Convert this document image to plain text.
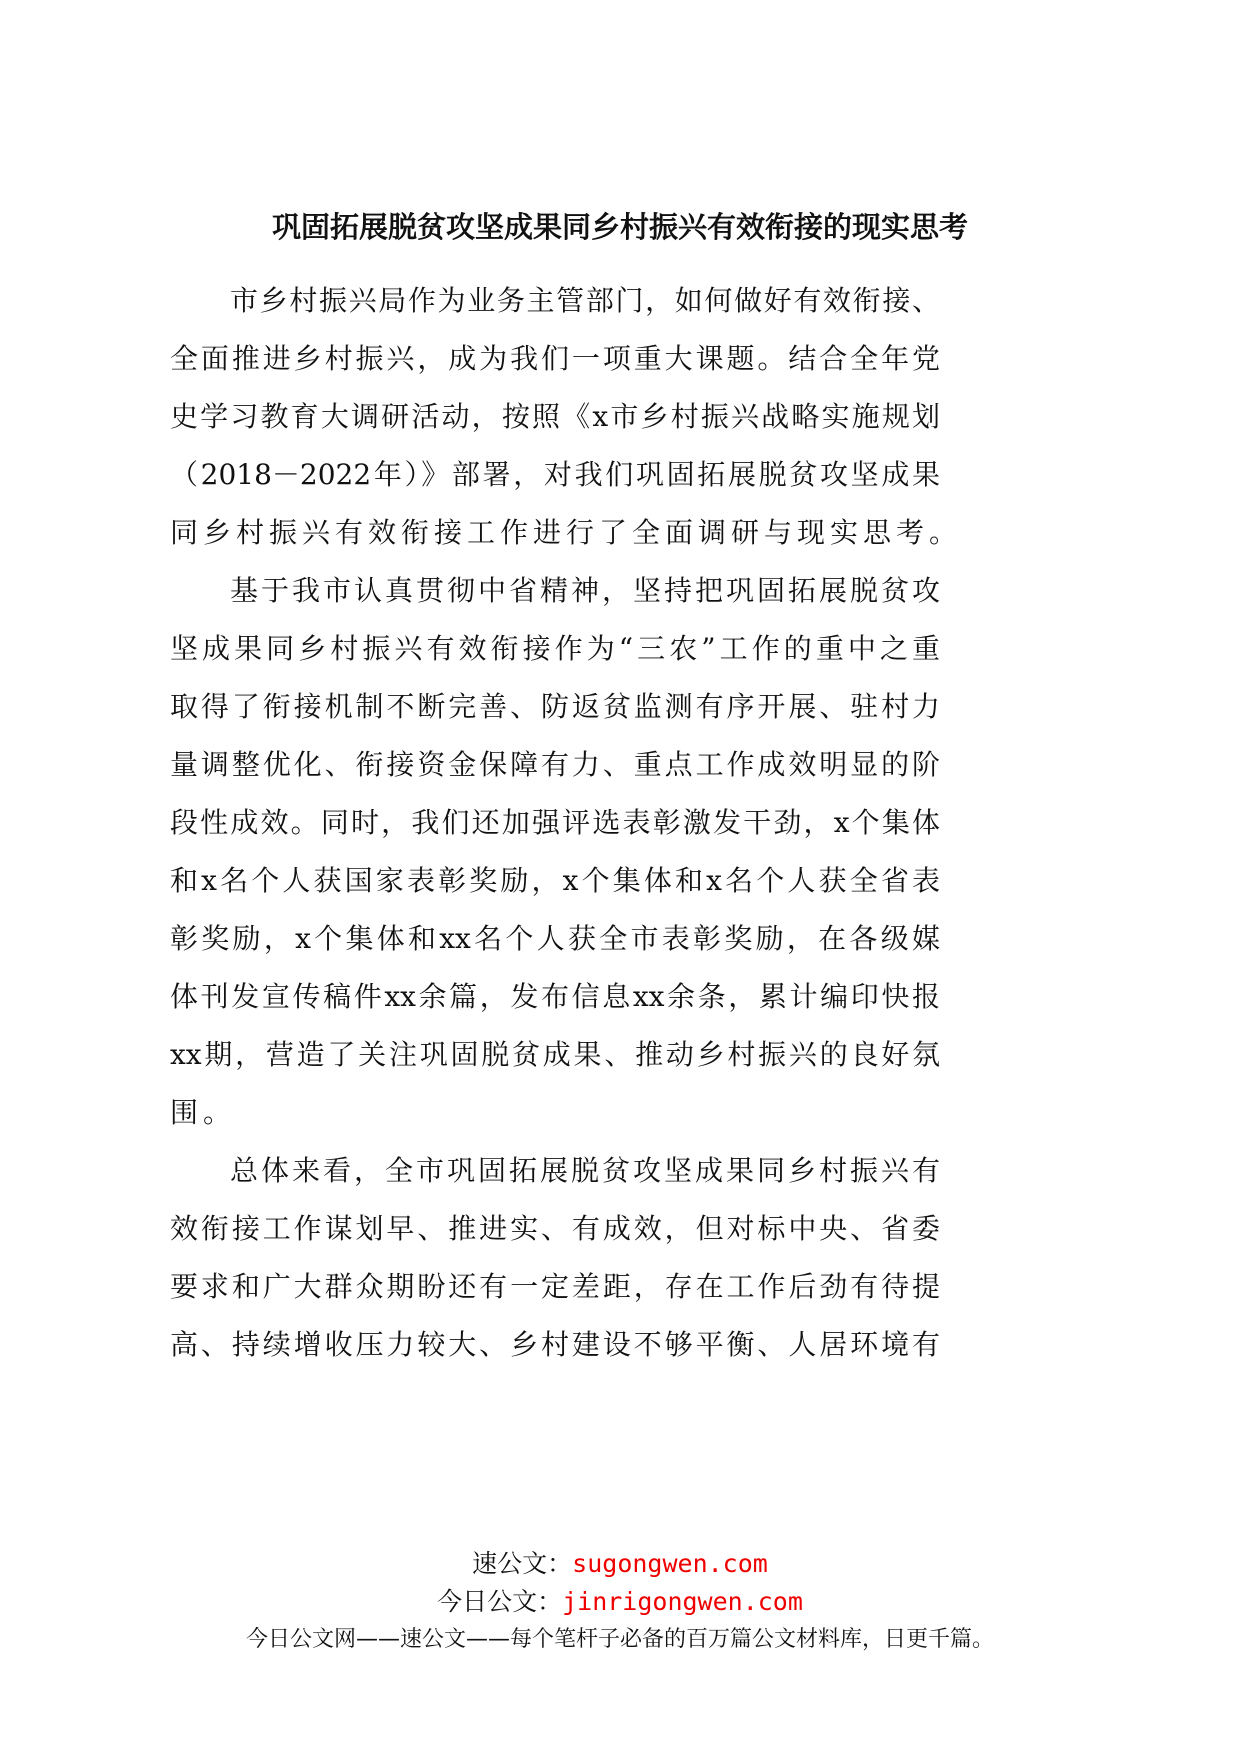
巩固拓展脱贫攻坚成果同乡村振兴有效衔接的现实思考
市乡村振兴局作为业务主管部门，如何做好有效衔接、
全面推进乡村振兴，成为我们一项重大课题。结合全年党
史学习教育大调研活动，按照《x市乡村振兴战略实施规划
（2018－2022年）》部署，对我们巩固拓展脱贫攻坚成果
同乡村振兴有效衔接工作进行了全面调研与现实思考。
基于我市认真贯彻中省精神，坚持把巩固拓展脱贫攻
坚成果同乡村振兴有效衔接作为“三农”工作的重中之重
取得了衔接机制不断完善、防返贫监测有序开展、驻村力
量调整优化、衔接资金保障有力、重点工作成效明显的阶
段性成效。同时，我们还加强评选表彰激发干劲，x个集体
和x名个人获国家表彰奖励，x个集体和x名个人获全省表
彰奖励，x个集体和xx名个人获全市表彰奖励，在各级媒
体刊发宣传稿件xx余篇，发布信息xx余条，累计编印快报
xx期，营造了关注巩固脱贫成果、推动乡村振兴的良好氛
围。
总体来看，全市巩固拓展脱贫攻坚成果同乡村振兴有
效衔接工作谋划早、推进实、有成效，但对标中央、省委
要求和广大群众期盼还有一定差距，存在工作后劲有待提
高、持续增收压力较大、乡村建设不够平衡、人居环境有
速公文：sugongwen.com
今日公文：jinrigongwen.com
今日公文网——速公文——每个笔杆子必备的百万篇公文材料库，日更千篇。
